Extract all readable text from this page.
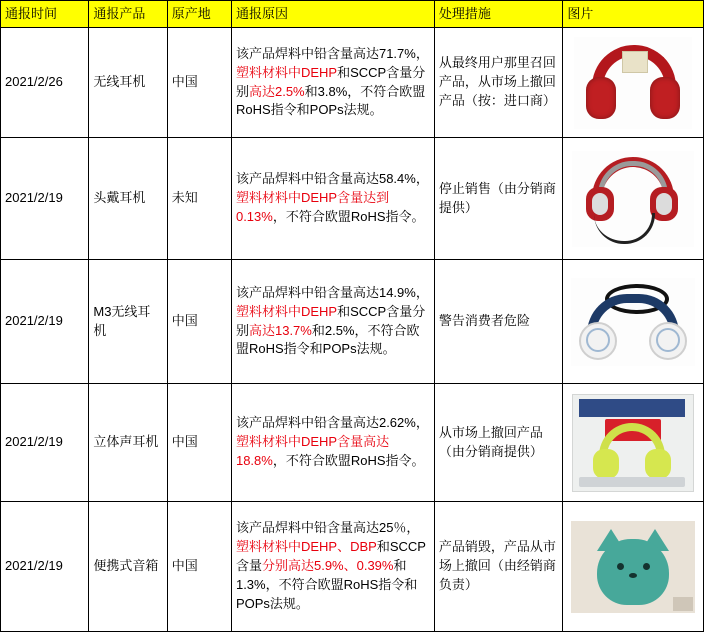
通报时间	通报产品	原产地	通报原因	处理措施	图片
2021/2/26	无线耳机	中国	该产品焊料中铅含量高达71.7%，塑料材料中DEHP和SCCP含量分别高达2.5%和3.8%，不符合欧盟RoHS指令和POPs法规。	从最终用户那里召回产品，从市场上撤回产品（按：进口商）	

2021/2/19	头戴耳机	未知	该产品焊料中铅含量高达58.4%，塑料材料中DEHP含量达到0.13%，不符合欧盟RoHS指令。	停止销售（由分销商提供）	

2021/2/19	M3无线耳机	中国	该产品焊料中铅含量高达14.9%，塑料材料中DEHP和SCCP含量分别高达13.7%和2.5%，不符合欧盟RoHS指令和POPs法规。	警告消费者危险	

2021/2/19	立体声耳机	中国	该产品焊料中铅含量高达2.62%，塑料材料中DEHP含量高达18.8%，不符合欧盟RoHS指令。	从市场上撤回产品（由分销商提供）	

2021/2/19	便携式音箱	中国	该产品焊料中铅含量高达25％，塑料材料中DEHP、DBP和SCCP含量分别高达5.9%、0.39%和1.3%，不符合欧盟RoHS指令和POPs法规。	产品销毁，产品从市场上撤回（由经销商负责）	
